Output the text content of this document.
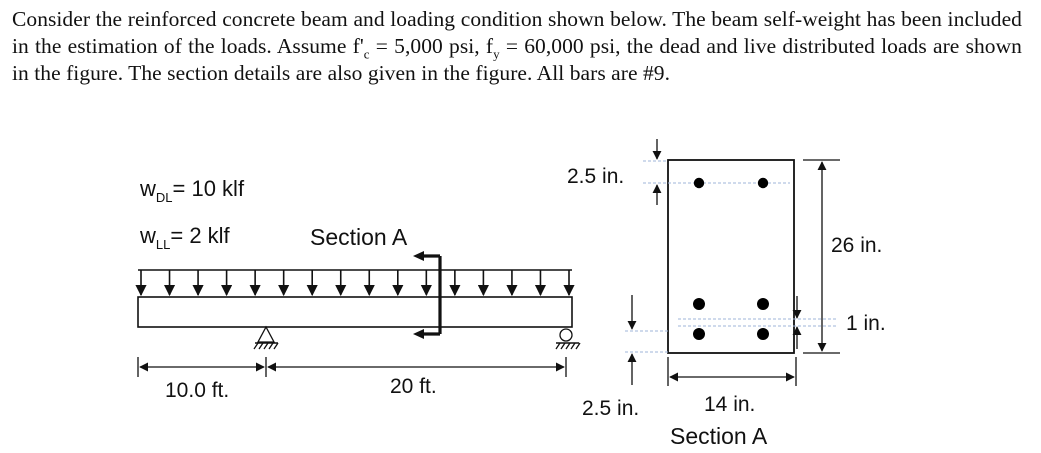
Consider the reinforced concrete beam and loading condition shown below. The beam self-weight has been included in the estimation of the loads. Assume $f'_c = 5,000$ psi, $f_y = 60,000$ psi, the dead and live distributed loads are shown in the figure. The section details are also given in the figure. All bars are #9.
$w_{DL}= 10$ klf
$w_{LL}= 2$ klf	Section A
10.0 ft.	20 ft.
2.5 in.
2.5 in.
26 in.
1 in.
14 in.
Section A
